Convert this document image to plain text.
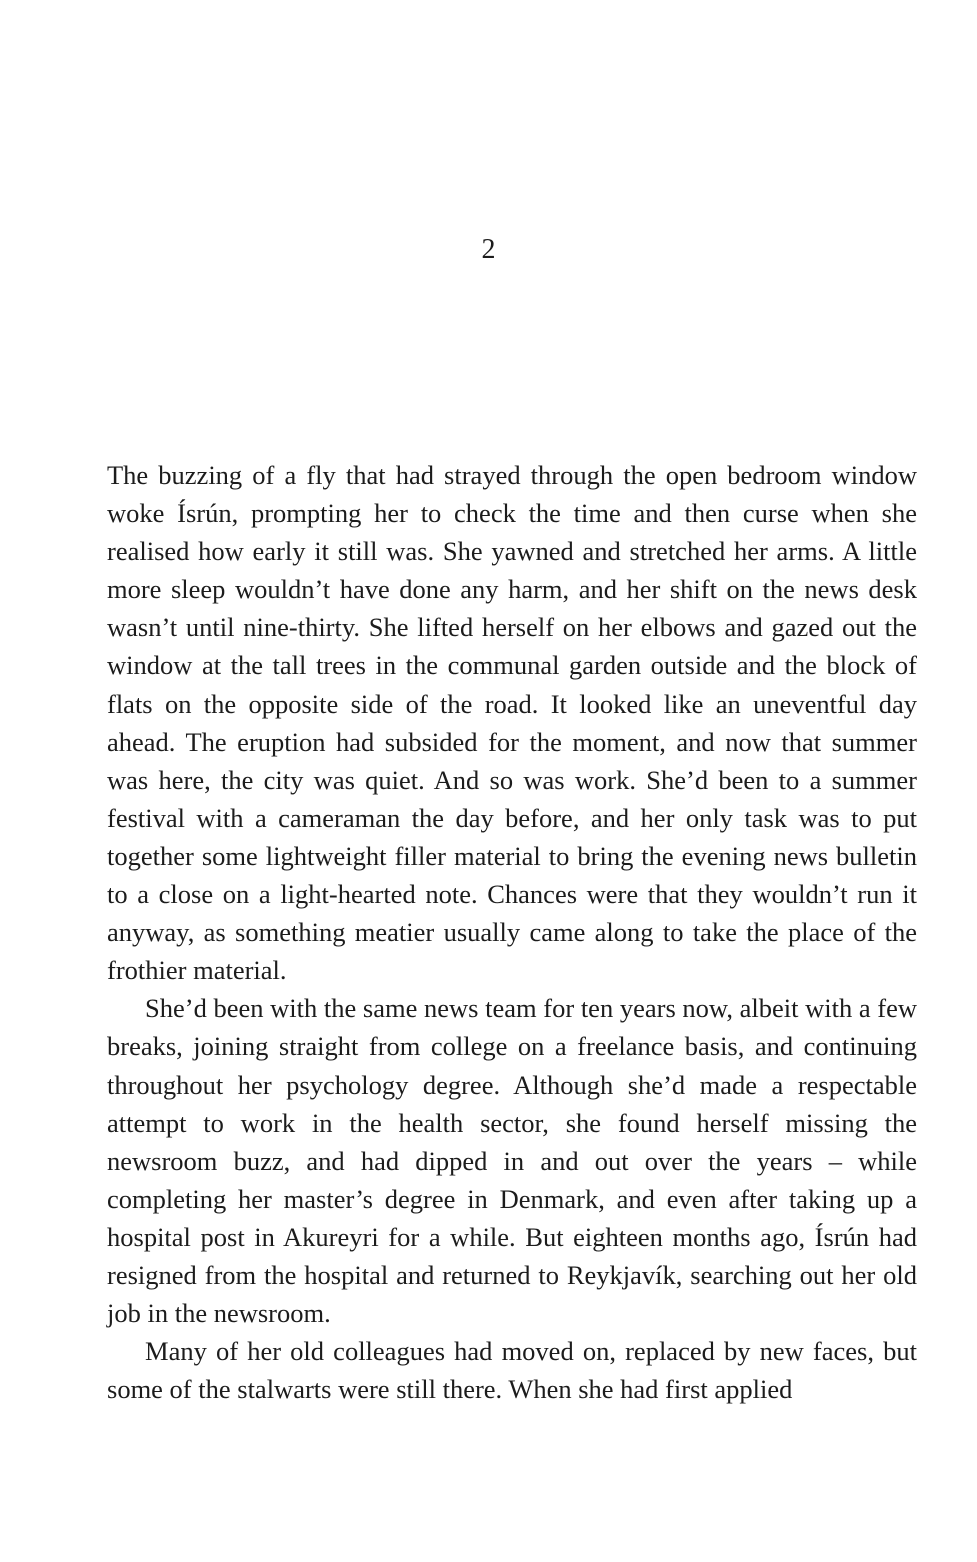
2

The buzzing of a fly that had strayed through the open bedroom window woke Ísrún, prompting her to check the time and then curse when she realised how early it still was. She yawned and stretched her arms. A little more sleep wouldn’t have done any harm, and her shift on the news desk wasn’t until nine-thirty. She lifted herself on her elbows and gazed out the window at the tall trees in the communal garden outside and the block of flats on the opposite side of the road. It looked like an uneventful day ahead. The eruption had subsided for the moment, and now that summer was here, the city was quiet. And so was work. She’d been to a summer festival with a cameraman the day before, and her only task was to put together some lightweight filler material to bring the evening news bulletin to a close on a light-hearted note. Chances were that they wouldn’t run it anyway, as something meatier usually came along to take the place of the frothier material.

She’d been with the same news team for ten years now, albeit with a few breaks, joining straight from college on a freelance basis, and continuing throughout her psychology degree. Although she’d made a respectable attempt to work in the health sector, she found herself missing the newsroom buzz, and had dipped in and out over the years – while completing her master’s degree in Denmark, and even after taking up a hospital post in Akureyri for a while. But eighteen months ago, Ísrún had resigned from the hospital and returned to Reykjavík, searching out her old job in the newsroom.

Many of her old colleagues had moved on, replaced by new faces, but some of the stalwarts were still there. When she had first applied
